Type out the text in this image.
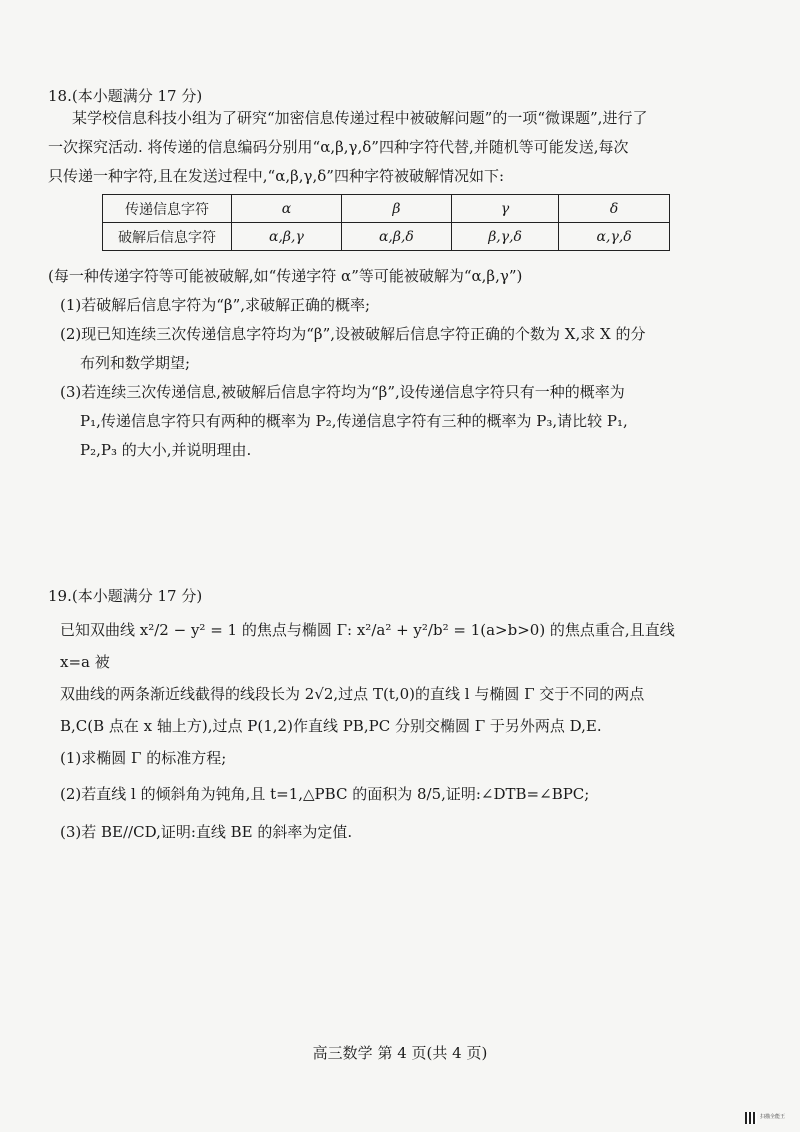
18.(本小题满分 17 分)

某学校信息科技小组为了研究“加密信息传递过程中被破解问题”的一项“微课题”,进行了

一次探究活动. 将传递的信息编码分别用“α,β,γ,δ”四种字符代替,并随机等可能发送,每次

只传递一种字符,且在发送过程中,“α,β,γ,δ”四种字符被破解情况如下:

传递信息字符	α	β	γ	δ
破解后信息字符	α,β,γ	α,β,δ	β,γ,δ	α,γ,δ

(每一种传递字符等可能被破解,如“传递字符 α”等可能被破解为“α,β,γ”)

(1)若破解后信息字符为“β”,求破解正确的概率;

(2)现已知连续三次传递信息字符均为“β”,设被破解后信息字符正确的个数为 X,求 X 的分

布列和数学期望;

(3)若连续三次传递信息,被破解后信息字符均为“β”,设传递信息字符只有一种的概率为

P₁,传递信息字符只有两种的概率为 P₂,传递信息字符有三种的概率为 P₃,请比较 P₁,

P₂,P₃ 的大小,并说明理由.

19.(本小题满分 17 分)

已知双曲线 x²/2 − y² = 1 的焦点与椭圆 Γ: x²/a² + y²/b² = 1(a>b>0) 的焦点重合,且直线 x=a 被

双曲线的两条渐近线截得的线段长为 2√2,过点 T(t,0)的直线 l 与椭圆 Γ 交于不同的两点

B,C(B 点在 x 轴上方),过点 P(1,2)作直线 PB,PC 分别交椭圆 Γ 于另外两点 D,E.

(1)求椭圆 Γ 的标准方程;

(2)若直线 l 的倾斜角为钝角,且 t=1,△PBC 的面积为 8/5,证明:∠DTB=∠BPC;

(3)若 BE//CD,证明:直线 BE 的斜率为定值.

高三数学 第 4 页(共 4 页)
扫描全能王
